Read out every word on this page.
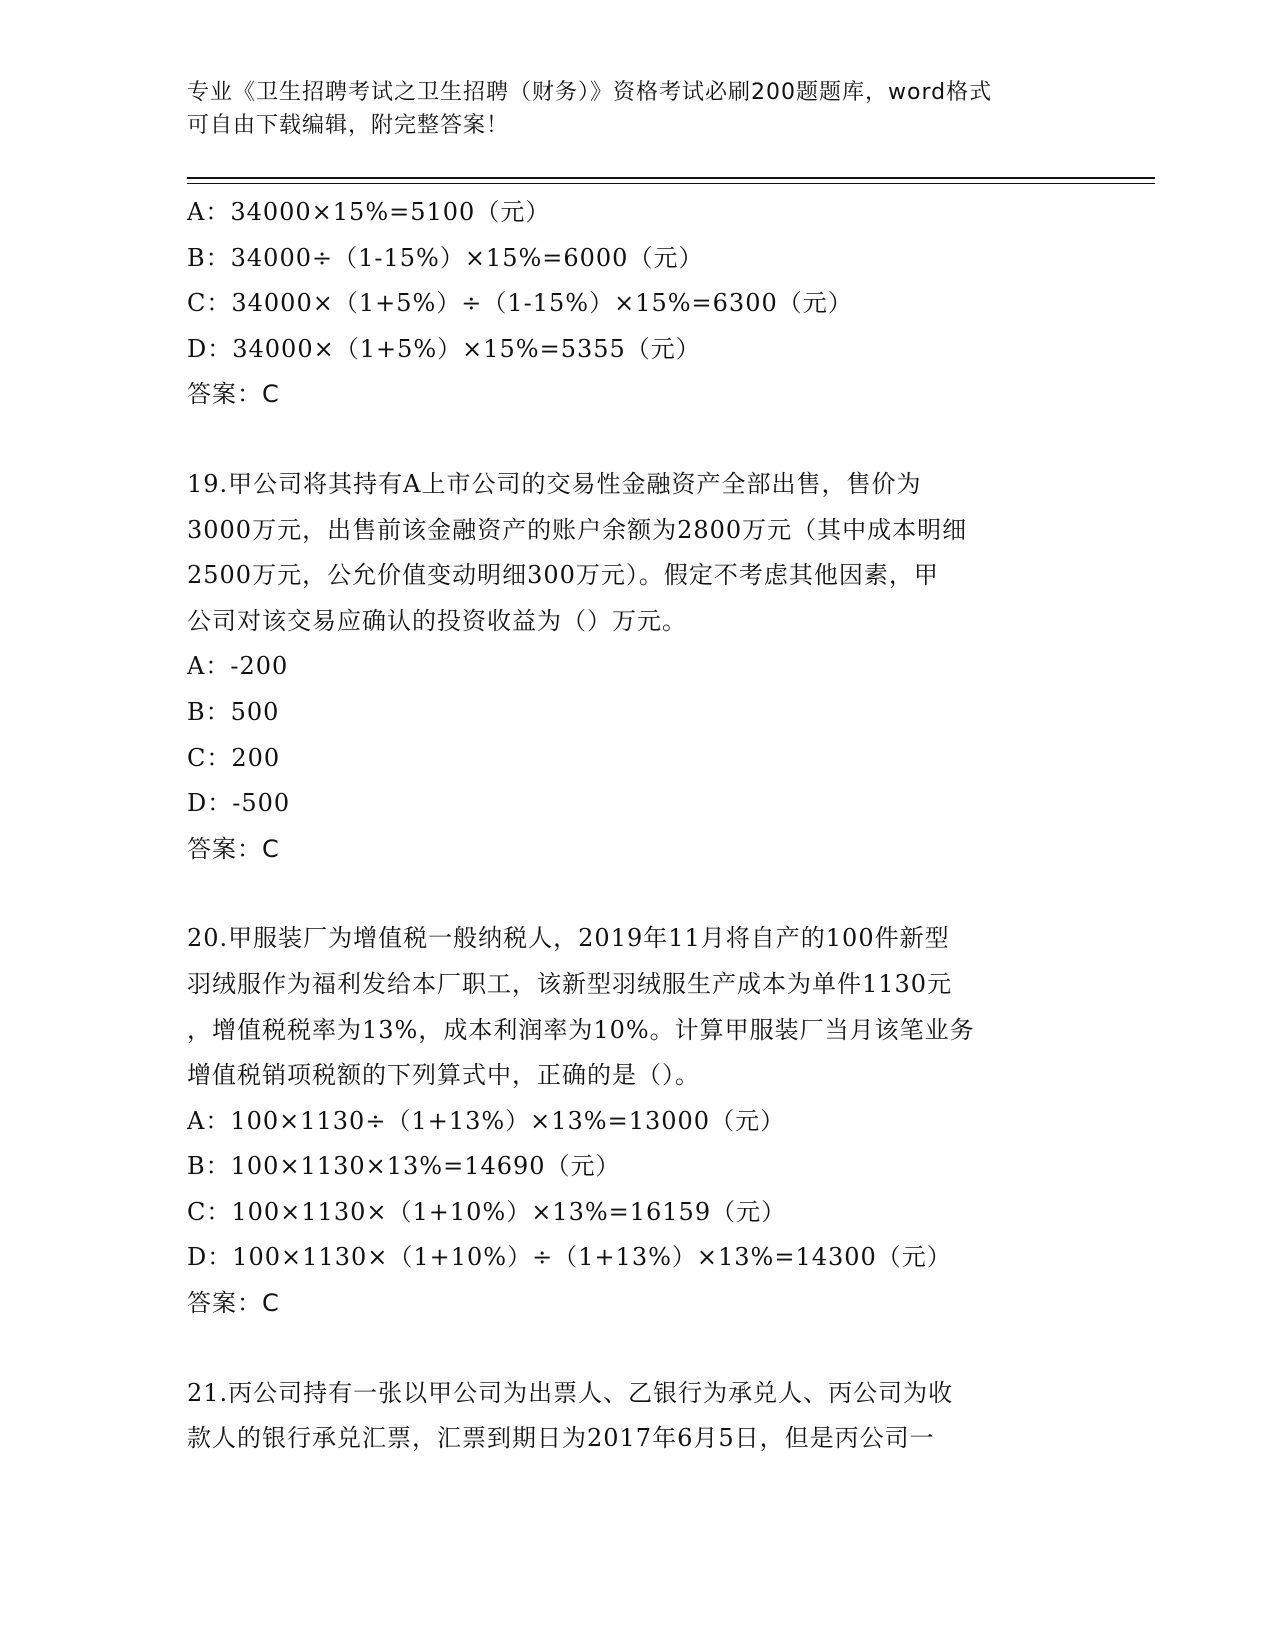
专业《卫生招聘考试之卫生招聘（财务）》资格考试必刷200题题库，word格式
可自由下载编辑，附完整答案！
A：34000×15%=5100（元）
B：34000÷（1-15%）×15%=6000（元）
C：34000×（1+5%）÷（1-15%）×15%=6300（元）
D：34000×（1+5%）×15%=5355（元）
答案：C
19.甲公司将其持有A上市公司的交易性金融资产全部出售，售价为
3000万元，出售前该金融资产的账户余额为2800万元（其中成本明细
2500万元，公允价值变动明细300万元）。假定不考虑其他因素，甲
公司对该交易应确认的投资收益为（）万元。
A：-200
B：500
C：200
D：-500
答案：C
20.甲服装厂为增值税一般纳税人，2019年11月将自产的100件新型
羽绒服作为福利发给本厂职工，该新型羽绒服生产成本为单件1130元
，增值税税率为13%，成本利润率为10%。计算甲服装厂当月该笔业务
增值税销项税额的下列算式中，正确的是（）。
A：100×1130÷（1+13%）×13%=13000（元）
B：100×1130×13%=14690（元）
C：100×1130×（1+10%）×13%=16159（元）
D：100×1130×（1+10%）÷（1+13%）×13%=14300（元）
答案：C
21.丙公司持有一张以甲公司为出票人、乙银行为承兑人、丙公司为收
款人的银行承兑汇票，汇票到期日为2017年6月5日，但是丙公司一
